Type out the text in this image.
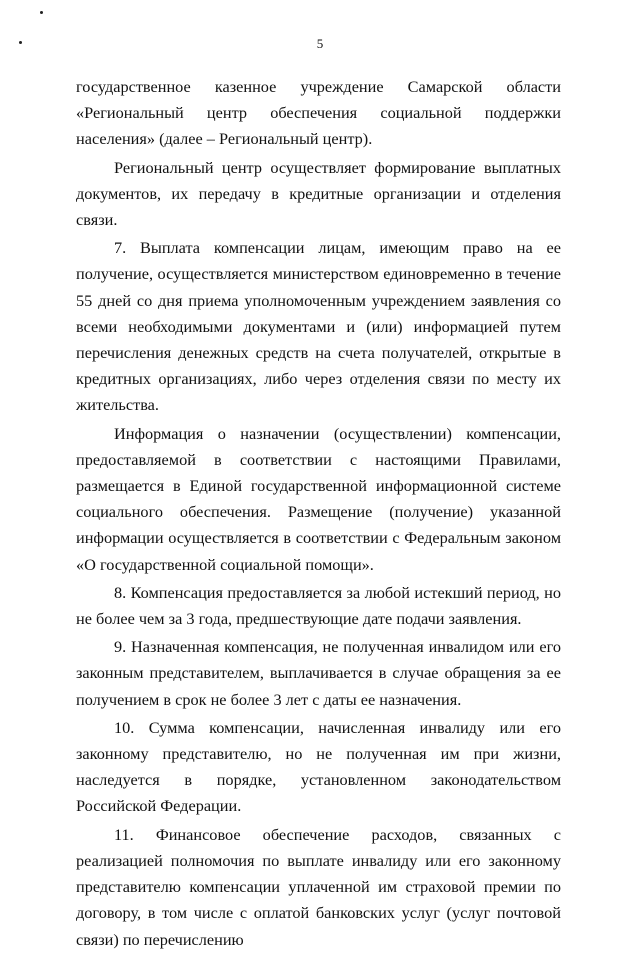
5

государственное казенное учреждение Самарской области «Региональный центр обеспечения социальной поддержки населения» (далее – Региональный центр).

Региональный центр осуществляет формирование выплатных документов, их передачу в кредитные организации и отделения связи.

7. Выплата компенсации лицам, имеющим право на ее получение, осуществляется министерством единовременно в течение 55 дней со дня приема уполномоченным учреждением заявления со всеми необходимыми документами и (или) информацией путем перечисления денежных средств на счета получателей, открытые в кредитных организациях, либо через отделения связи по месту их жительства.

Информация о назначении (осуществлении) компенсации, предоставляемой в соответствии с настоящими Правилами, размещается в Единой государственной информационной системе социального обеспечения. Размещение (получение) указанной информации осуществляется в соответствии с Федеральным законом «О государственной социальной помощи».

8. Компенсация предоставляется за любой истекший период, но не более чем за 3 года, предшествующие дате подачи заявления.

9. Назначенная компенсация, не полученная инвалидом или его законным представителем, выплачивается в случае обращения за ее получением в срок не более 3 лет с даты ее назначения.

10. Сумма компенсации, начисленная инвалиду или его законному представителю, но не полученная им при жизни, наследуется в порядке, установленном законодательством Российской Федерации.

11. Финансовое обеспечение расходов, связанных с реализацией полномочия по выплате инвалиду или его законному представителю компенсации уплаченной им страховой премии по договору, в том числе с оплатой банковских услуг (услуг почтовой связи) по перечислению
